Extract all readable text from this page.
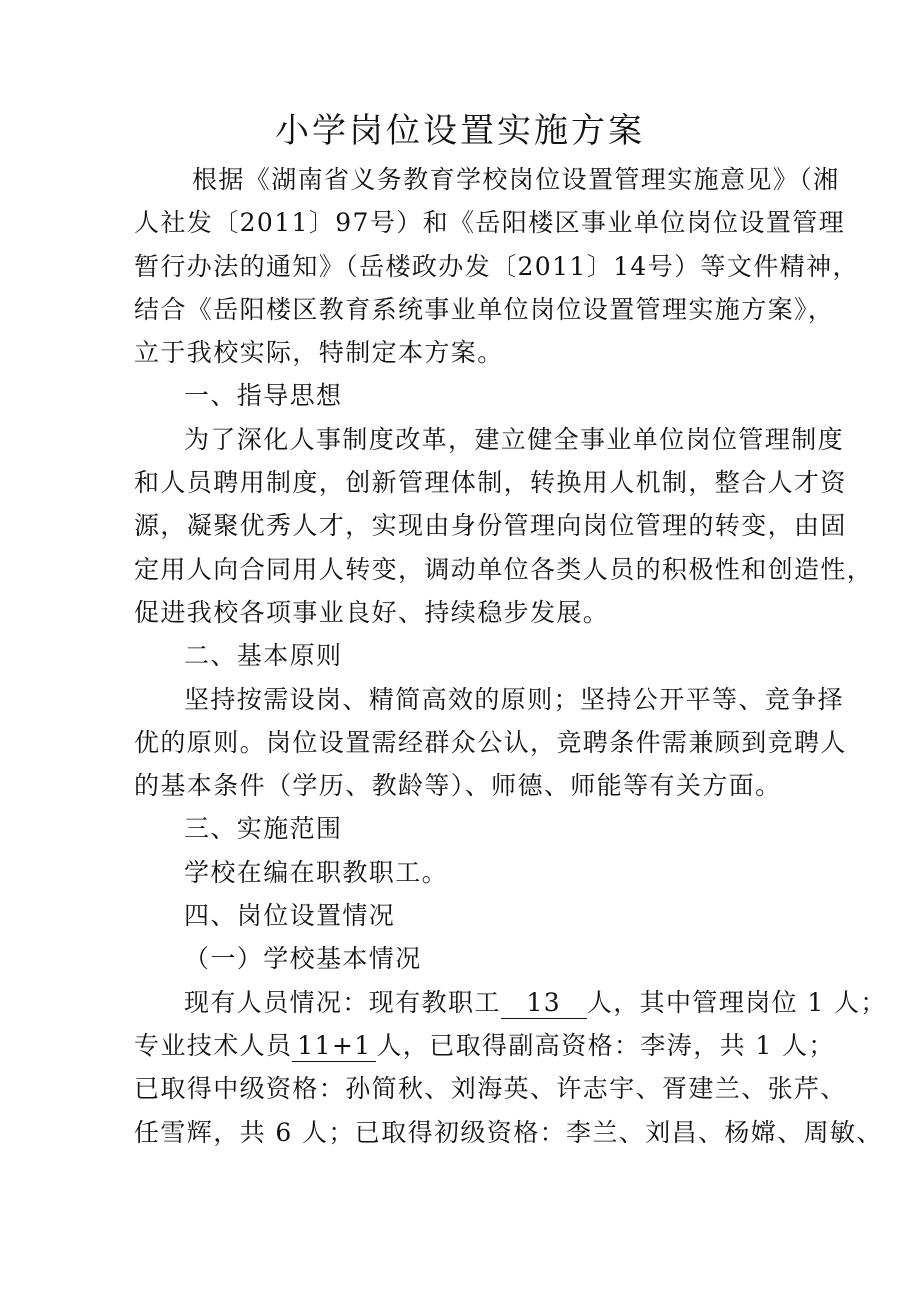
小学岗位设置实施方案
根据《湖南省义务教育学校岗位设置管理实施意见》（湘
人社发〔2011〕97号）和《岳阳楼区事业单位岗位设置管理
暂行办法的通知》（岳楼政办发〔2011〕14号）等文件精神，
结合《岳阳楼区教育系统事业单位岗位设置管理实施方案》，
立于我校实际，特制定本方案。
一、指导思想
为了深化人事制度改革，建立健全事业单位岗位管理制度
和人员聘用制度，创新管理体制，转换用人机制，整合人才资
源，凝聚优秀人才，实现由身份管理向岗位管理的转变，由固
定用人向合同用人转变，调动单位各类人员的积极性和创造性，
促进我校各项事业良好、持续稳步发展。
二、基本原则
坚持按需设岗、精简高效的原则；坚持公开平等、竞争择
优的原则。岗位设置需经群众公认，竞聘条件需兼顾到竞聘人
的基本条件（学历、教龄等）、师德、师能等有关方面。
三、实施范围
学校在编在职教职工。
四、岗位设置情况
（一）学校基本情况
现有人员情况：现有教职工 13 人，其中管理岗位 1 人；
专业技术人员 11+1 人，已取得副高资格：李涛，共 1 人；
已取得中级资格：孙简秋、刘海英、许志宇、胥建兰、张芹、
任雪辉，共 6 人；已取得初级资格：李兰、刘昌、杨嫦、周敏、
